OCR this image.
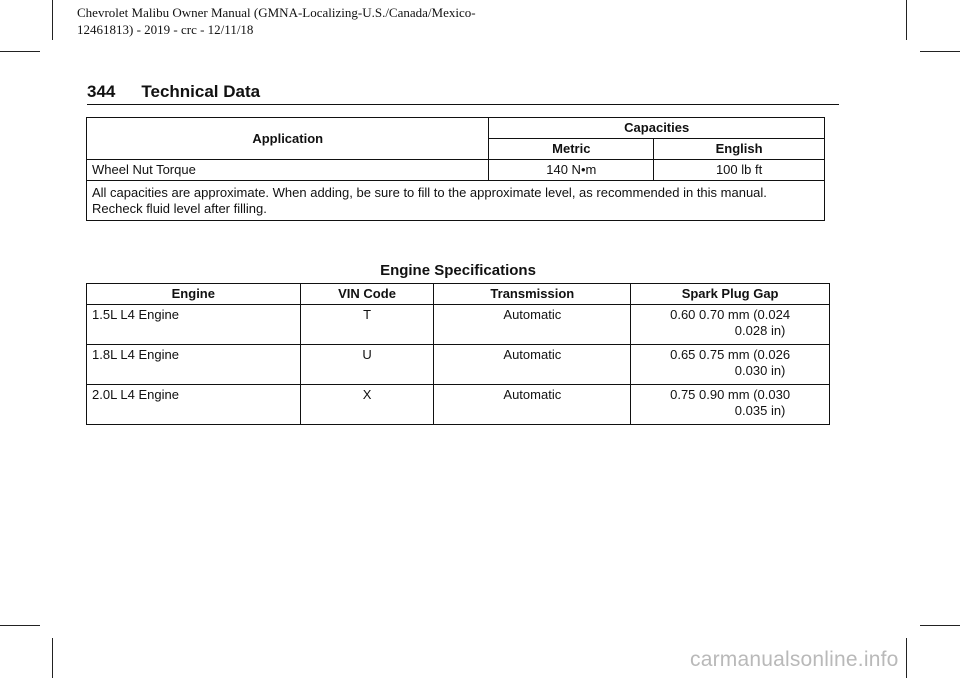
Chevrolet Malibu Owner Manual (GMNA-Localizing-U.S./Canada/Mexico-
12461813) - 2019 - crc - 12/11/18
344 Technical Data
Application	Capacities	
	Metric	English
Wheel Nut Torque	140 N•m	100 lb ft
All capacities are approximate. When adding, be sure to fill to the approximate level, as recommended in this manual. Recheck fluid level after filling.		
Engine Specifications
Engine	VIN Code	Transmission	Spark Plug Gap
1.5L L4 Engine	T	Automatic	0.60 0.70 mm (0.024
0.028 in)

1.8L L4 Engine	U	Automatic	0.65 0.75 mm (0.026
0.030 in)

2.0L L4 Engine	X	Automatic	0.75 0.90 mm (0.030
0.035 in)
carmanualsonline.info
